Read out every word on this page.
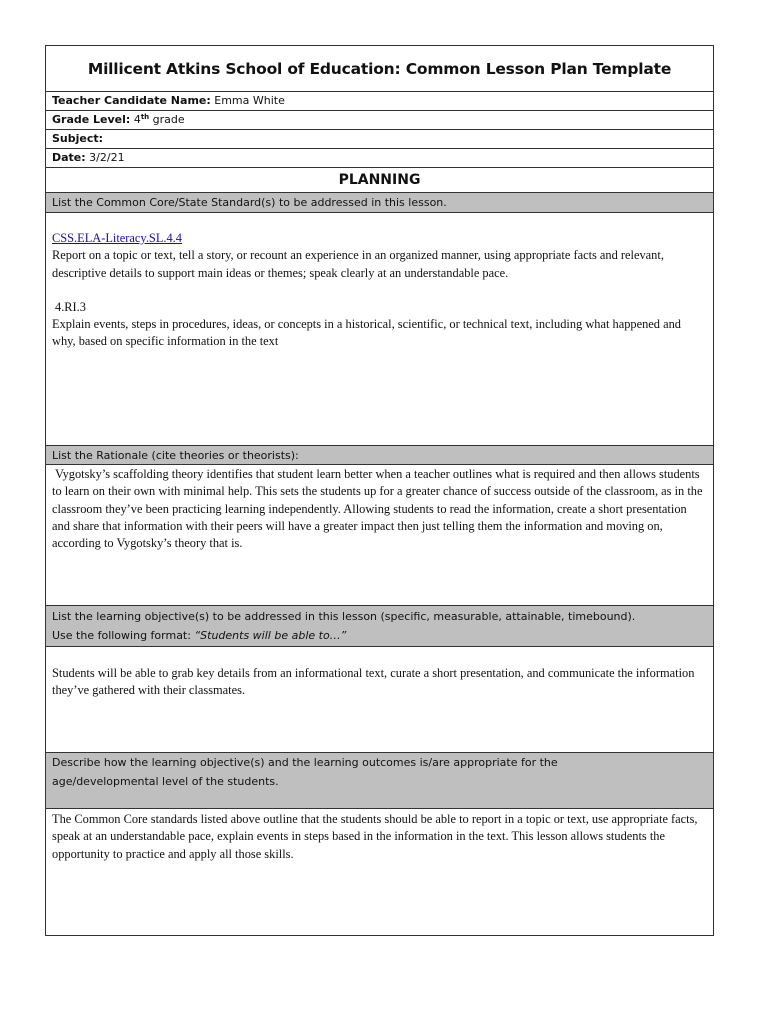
Millicent Atkins School of Education: Common Lesson Plan Template
Teacher Candidate Name: Emma White
Grade Level: 4th grade
Subject:
Date: 3/2/21
PLANNING
List the Common Core/State Standard(s) to be addressed in this lesson.

CSS.ELA-Literacy.SL.4.4

Report on a topic or text, tell a story, or recount an experience in an organized manner, using appropriate facts and relevant, descriptive details to support main ideas or themes; speak clearly at an understandable pace.

4.RI.3

Explain events, steps in procedures, ideas, or concepts in a historical, scientific, or technical text, including what happened and why, based on specific information in the text

List the Rationale (cite theories or theorists):

Vygotsky’s scaffolding theory identifies that student learn better when a teacher outlines what is required and then allows students to learn on their own with minimal help. This sets the students up for a greater chance of success outside of the classroom, as in the classroom they’ve been practicing learning independently. Allowing students to read the information, create a short presentation and share that information with their peers will have a greater impact then just telling them the information and moving on, according to Vygotsky’s theory that is.

List the learning objective(s) to be addressed in this lesson (specific, measurable, attainable, timebound).
Use the following format: “Students will be able to…”

Students will be able to grab key details from an informational text, curate a short presentation, and communicate the information they’ve gathered with their classmates.

Describe how the learning objective(s) and the learning outcomes is/are appropriate for the age/developmental level of the students.

The Common Core standards listed above outline that the students should be able to report in a topic or text, use appropriate facts, speak at an understandable pace, explain events in steps based in the information in the text. This lesson allows students the opportunity to practice and apply all those skills.
